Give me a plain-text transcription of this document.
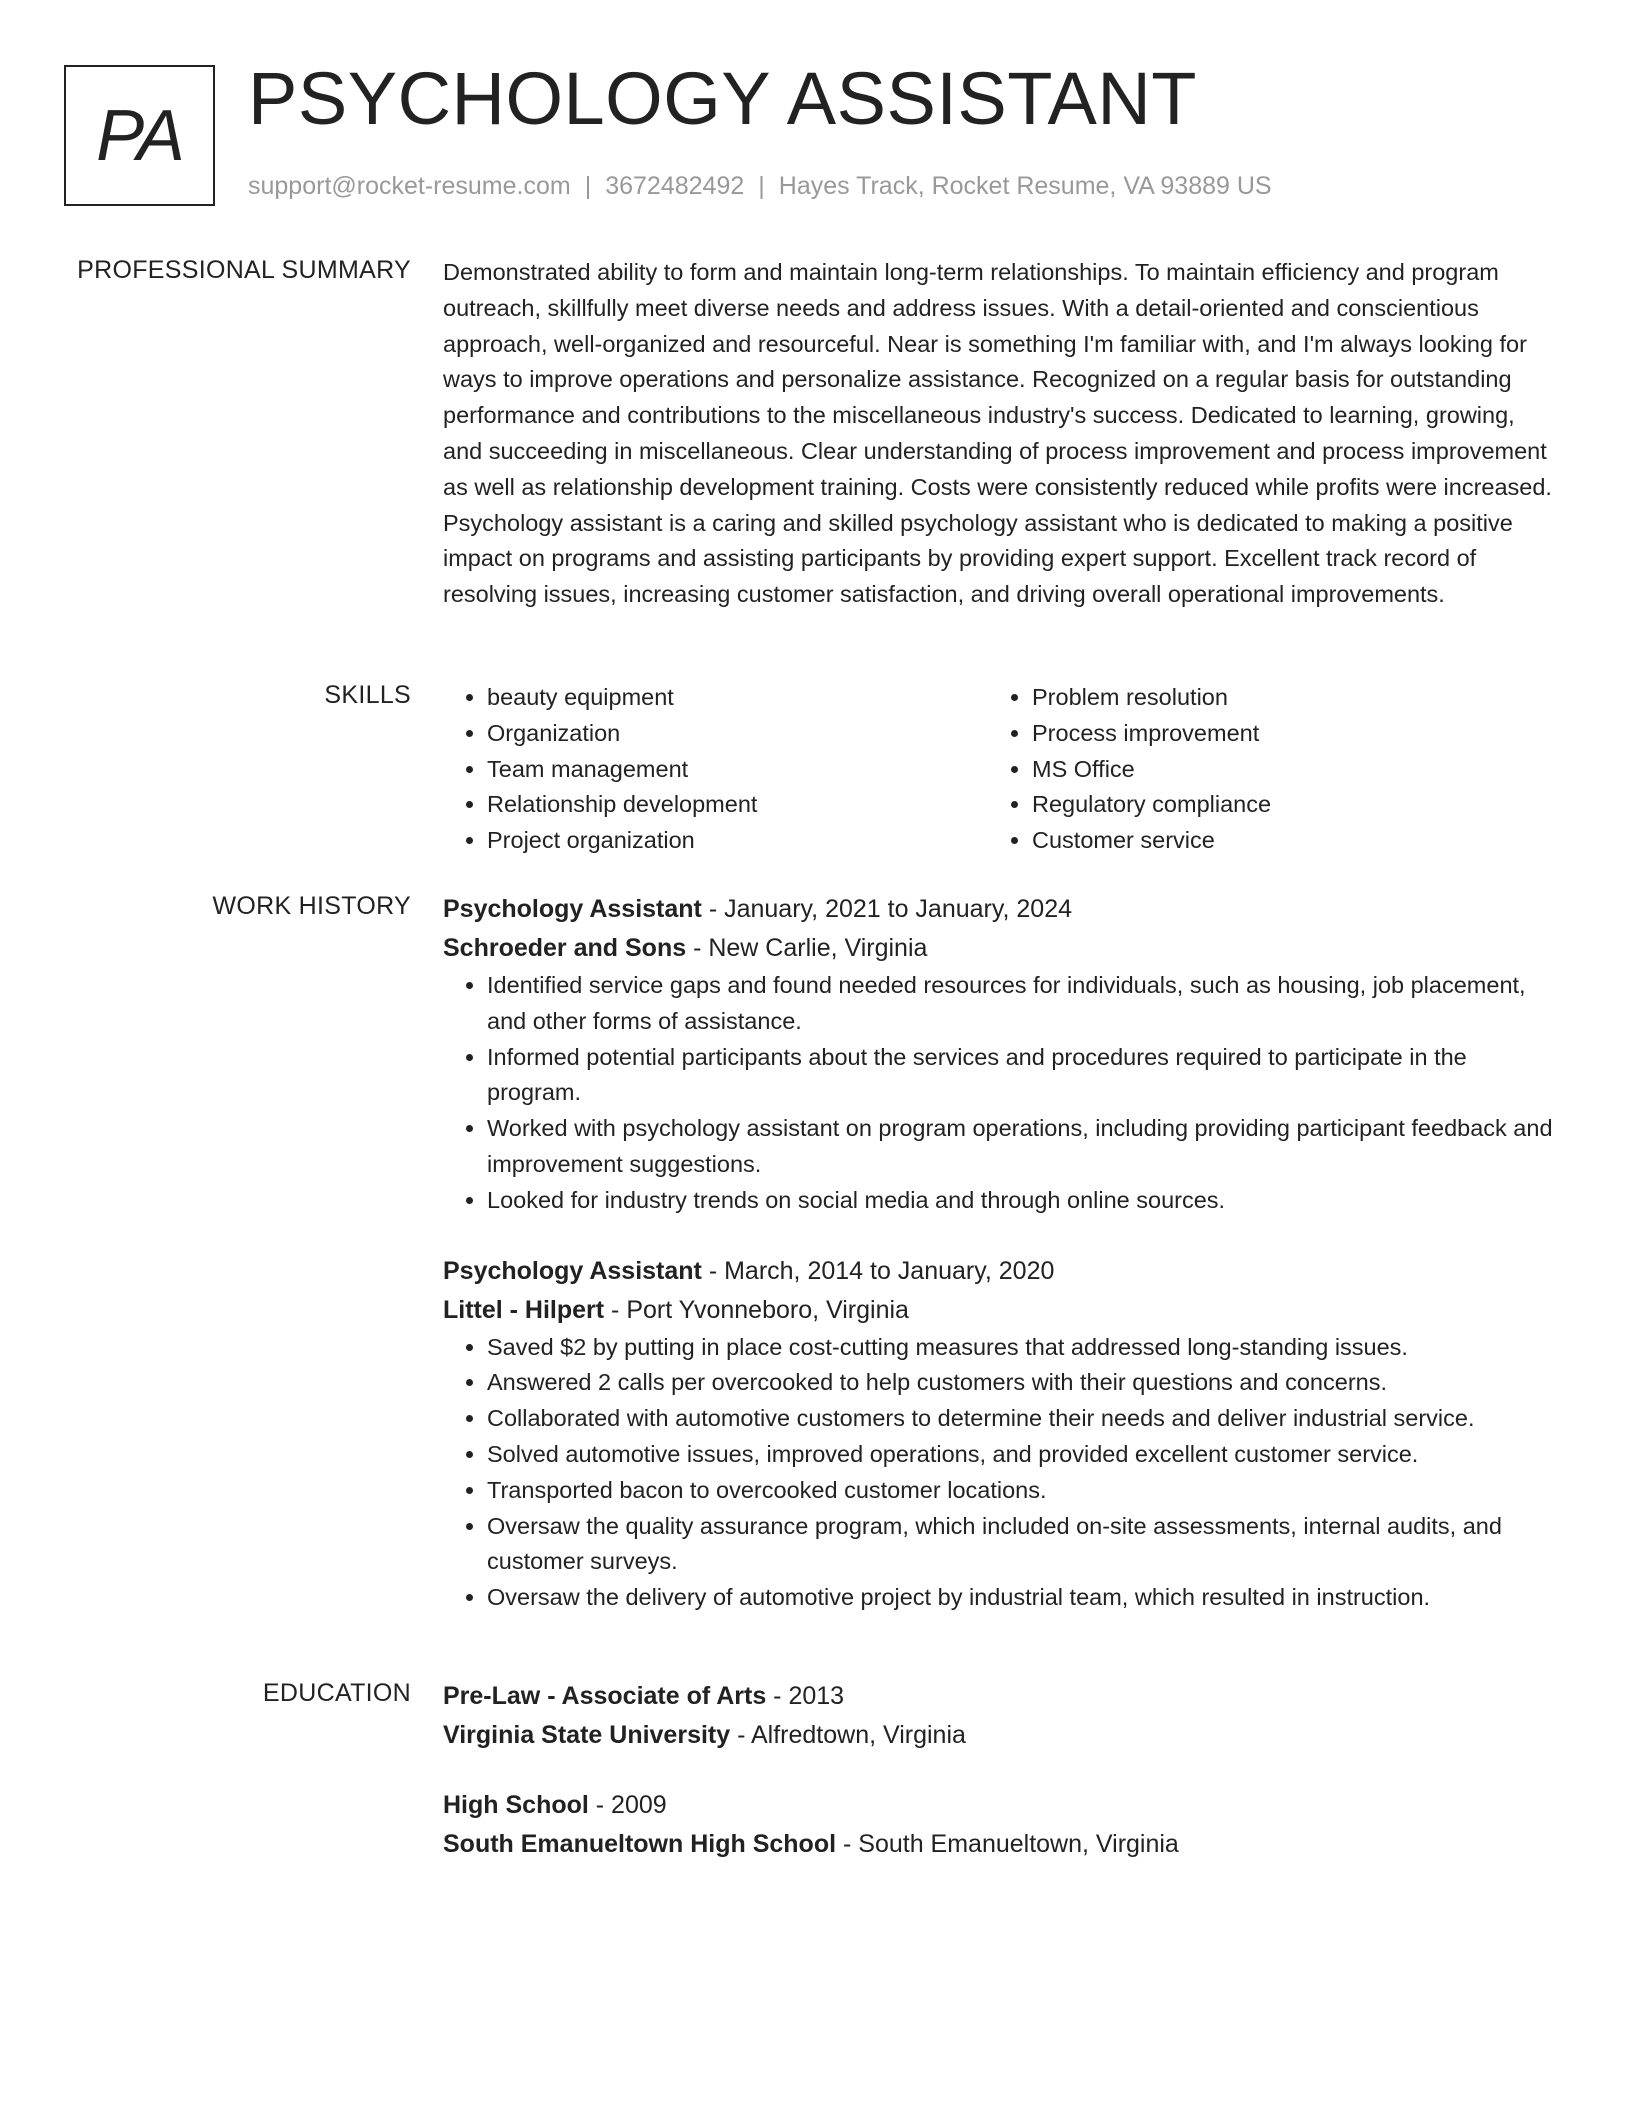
PA PSYCHOLOGY ASSISTANT
support@rocket-resume.com | 3672482492 | Hayes Track, Rocket Resume, VA 93889 US
PROFESSIONAL SUMMARY Demonstrated ability to form and maintain long-term relationships. To maintain efficiency and program outreach, skillfully meet diverse needs and address issues. With a detail-oriented and conscientious approach, well-organized and resourceful. Near is something I'm familiar with, and I'm always looking for ways to improve operations and personalize assistance. Recognized on a regular basis for outstanding performance and contributions to the miscellaneous industry's success. Dedicated to learning, growing, and succeeding in miscellaneous. Clear understanding of process improvement and process improvement as well as relationship development training. Costs were consistently reduced while profits were increased. Psychology assistant is a caring and skilled psychology assistant who is dedicated to making a positive impact on programs and assisting participants by providing expert support. Excellent track record of resolving issues, increasing customer satisfaction, and driving overall operational improvements.

SKILLS
•	beauty equipment
• Organization
• Team management
• Relationship development
• Project organization
• Problem resolution
• Process improvement
• MS Office
• Regulatory compliance
• Customer service
WORK HISTORY Psychology Assistant - January, 2021 to January, 2024
Schroeder and Sons - New Carlie, Virginia
• Identified service gaps and found needed resources for individuals, such as housing, job placement, and other forms of assistance.
• Informed potential participants about the services and procedures required to participate in the program.
• Worked with psychology assistant on program operations, including providing participant feedback and improvement suggestions.
• Looked for industry trends on social media and through online sources.
Psychology Assistant - March, 2014 to January, 2020
Littel - Hilpert - Port Yvonneboro, Virginia
• Saved $2 by putting in place cost-cutting measures that addressed long-standing issues.
• Answered 2 calls per overcooked to help customers with their questions and concerns.
• Collaborated with automotive customers to determine their needs and deliver industrial service.
• Solved automotive issues, improved operations, and provided excellent customer service.
• Transported bacon to overcooked customer locations.
• Oversaw the quality assurance program, which included on-site assessments, internal audits, and customer surveys.
• Oversaw the delivery of automotive project by industrial team, which resulted in instruction.
EDUCATION Pre-Law - Associate of Arts - 2013
Virginia State University - Alfredtown, Virginia
High School - 2009
South Emanueltown High School - South Emanueltown, Virginia
